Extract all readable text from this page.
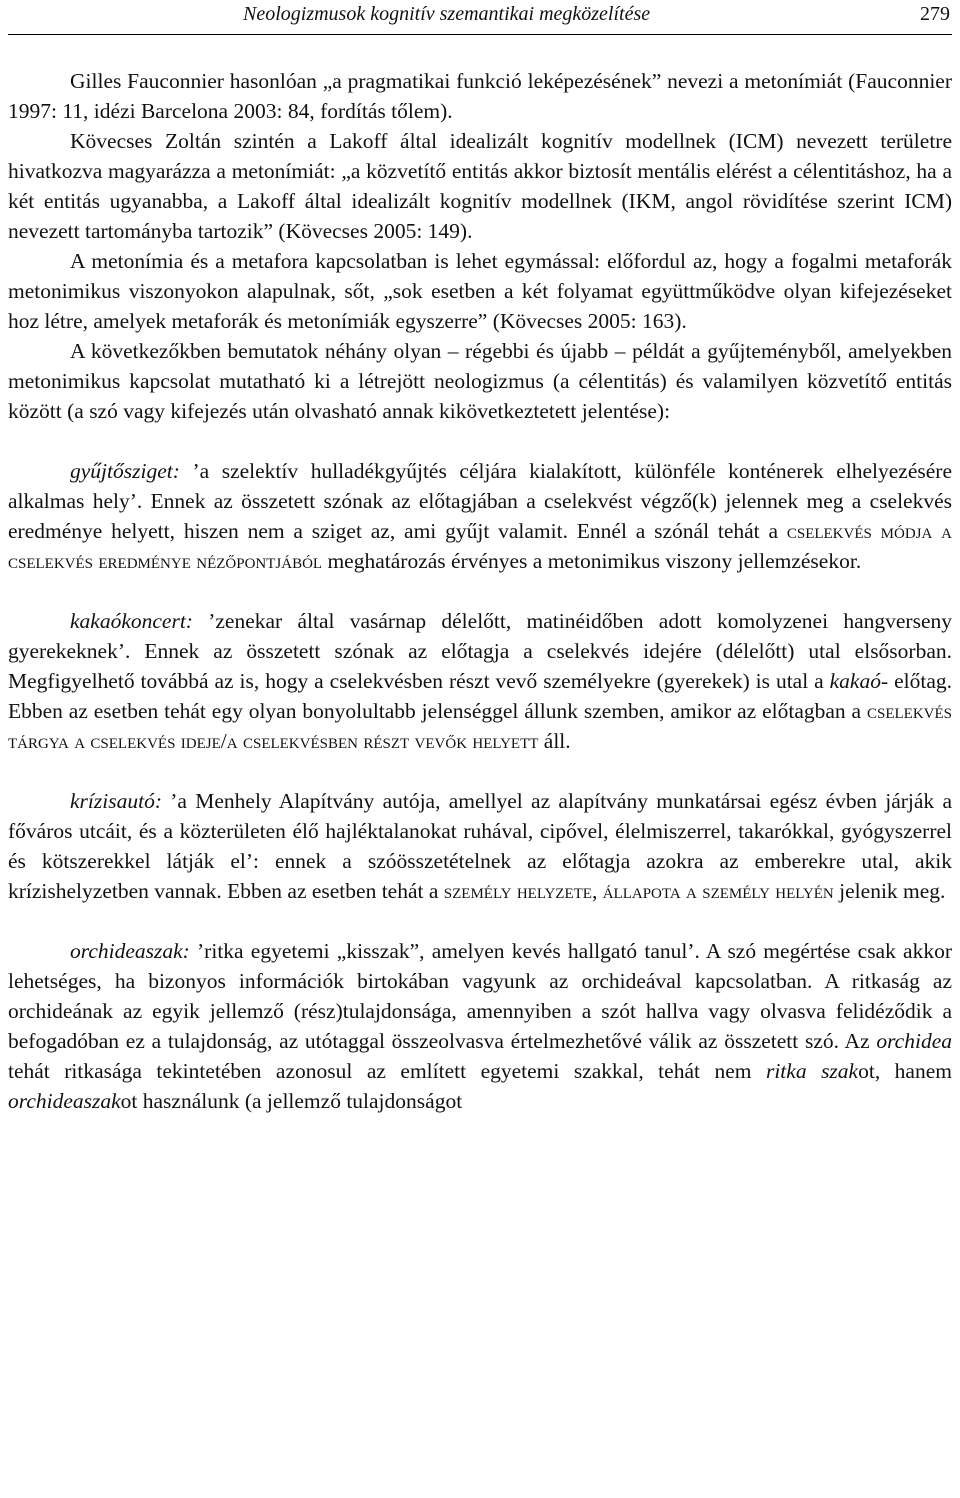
Neologizmusok kognitív szemantikai megközelítése	279

Gilles Fauconnier hasonlóan „a pragmatikai funkció leképezésének” nevezi a metonímiát (Fauconnier 1997: 11, idézi Barcelona 2003: 84, fordítás tőlem).

Kövecses Zoltán szintén a Lakoff által idealizált kognitív modellnek (ICM) nevezett területre hivatkozva magyarázza a metonímiát: „a közvetítő entitás akkor biztosít mentális elérést a célentitáshoz, ha a két entitás ugyanabba, a Lakoff által idealizált kognitív modellnek (IKM, angol rövidítése szerint ICM) nevezett tartományba tartozik” (Kövecses 2005: 149).

A metonímia és a metafora kapcsolatban is lehet egymással: előfordul az, hogy a fogalmi metaforák metonimikus viszonyokon alapulnak, sőt, „sok esetben a két folyamat együttműködve olyan kifejezéseket hoz létre, amelyek metaforák és metonímiák egyszerre” (Kövecses 2005: 163).

A következőkben bemutatok néhány olyan – régebbi és újabb – példát a gyűjteményből, amelyekben metonimikus kapcsolat mutatható ki a létrejött neologizmus (a célentitás) és valamilyen közvetítő entitás között (a szó vagy kifejezés után olvasható annak kikövetkeztetett jelentése):

gyűjtősziget: ’a szelektív hulladékgyűjtés céljára kialakított, különféle konténerek elhelyezésére alkalmas hely’. Ennek az összetett szónak az előtagjában a cselekvést végző(k) jelennek meg a cselekvés eredménye helyett, hiszen nem a sziget az, ami gyűjt valamit. Ennél a szónál tehát a cselekvés módja a cselekvés eredménye nézőpontjából meghatározás érvényes a metonimikus viszony jellemzésekor.

kakaókoncert: ’zenekar által vasárnap délelőtt, matinéidőben adott komolyzenei hangverseny gyerekeknek’. Ennek az összetett szónak az előtagja a cselekvés idejére (délelőtt) utal elsősorban. Megfigyelhető továbbá az is, hogy a cselekvésben részt vevő személyekre (gyerekek) is utal a kakaó- előtag. Ebben az esetben tehát egy olyan bonyolultabb jelenséggel állunk szemben, amikor az előtagban a cselekvés tárgya a cselekvés ideje/a cselekvésben részt vevők helyett áll.

krízisautó: ’a Menhely Alapítvány autója, amellyel az alapítvány munkatársai egész évben járják a főváros utcáit, és a közterületen élő hajléktalanokat ruhával, cipővel, élelmiszerrel, takarókkal, gyógyszerrel és kötszerekkel látják el’: ennek a szóösszetételnek az előtagja azokra az emberekre utal, akik krízishelyzetben vannak. Ebben az esetben tehát a személy helyzete, állapota a személy helyén jelenik meg.

orchideaszak: ’ritka egyetemi „kisszak”, amelyen kevés hallgató tanul’. A szó megértése csak akkor lehetséges, ha bizonyos információk birtokában vagyunk az orchideával kapcsolatban. A ritkaság az orchideának az egyik jellemző (rész)tulajdonsága, amennyiben a szót hallva vagy olvasva felidéződik a befogadóban ez a tulajdonság, az utótaggal összeolvasva értelmezhetővé válik az összetett szó. Az orchidea tehát ritkasága tekintetében azonosul az említett egyetemi szakkal, tehát nem ritka szakot, hanem orchideaszakot használunk (a jellemző tulajdonságot
